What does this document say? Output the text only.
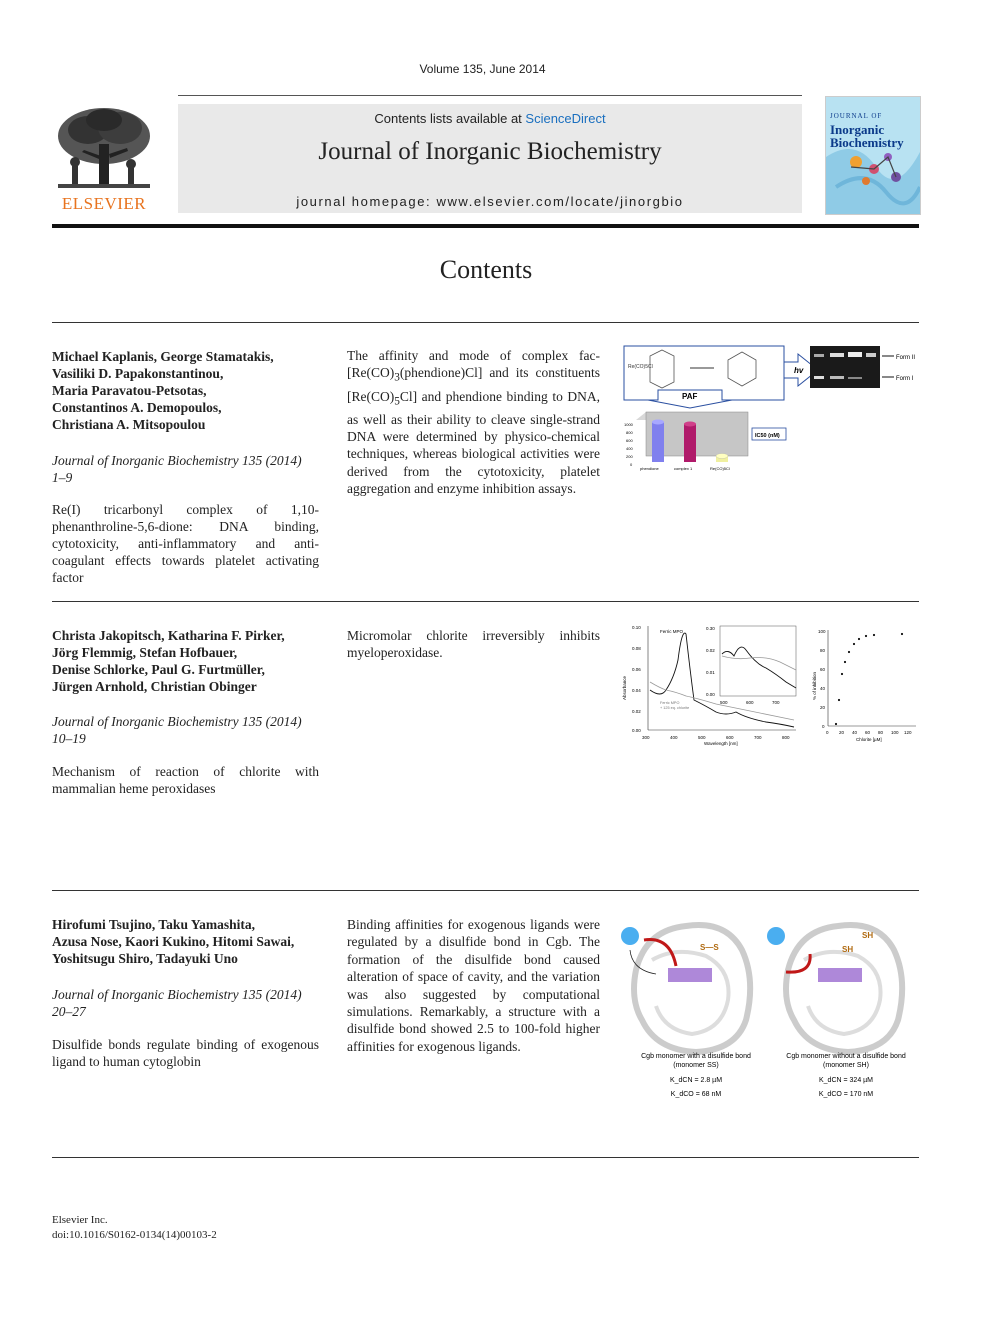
Volume 135, June 2014
ELSEVIER
Contents lists available at ScienceDirect
Journal of Inorganic Biochemistry
journal homepage: www.elsevier.com/locate/jinorgbio
JOURNAL OF
Inorganic
Biochemistry
Contents
Michael Kaplanis, George Stamatakis,
Vasiliki D. Papakonstantinou,
Maria Paravatou-Petsotas,
Constantinos A. Demopoulos,
Christiana A. Mitsopoulou
Journal of Inorganic Biochemistry 135 (2014)
1–9
Re(I) tricarbonyl complex of 1,10-phenanthroline-5,6-dione: DNA binding, cytotoxicity, anti-inflammatory and anti-coagulant effects towards platelet activating factor
The affinity and mode of complex fac-$[Re(CO)_3(phendione)Cl]$ and its constituents $[Re(CO)_5Cl]$ and phendione binding to DNA, as well as their ability to cleave single-strand DNA were determined by physico-chemical techniques, whereas biological activities were derived from the cytotoxicity, platelet aggregation and enzyme inhibition assays.
Re(CO)5Cl	hv
Form II
Form I
PAF
1000
800
600
400
200
0
phendione	complex 1	Re(CO)5Cl
IC50 (nM)
Christa Jakopitsch, Katharina F. Pirker,
Jörg Flemmig, Stefan Hofbauer,
Denise Schlorke, Paul G. Furtmüller,
Jürgen Arnhold, Christian Obinger
Journal of Inorganic Biochemistry 135 (2014)
10–19
Mechanism of reaction of chlorite with mammalian heme peroxidases
Micromolar chlorite irreversibly inhibits myeloperoxidase.
0.10
0.08
0.06
0.04
0.02
0.00
300	400	500	600	700	800
Wavelength [nm]
Absorbance
Ferric MPO
Ferric MPO
+ 125 eq. chlorite
0.30
0.02
0.01
0.00
500	600	700
100
80
60
40
20
0
0 20 40 60 80 100 120
Chlorite [µM]
% of inhibition
Hirofumi Tsujino, Taku Yamashita,
Azusa Nose, Kaori Kukino, Hitomi Sawai,
Yoshitsugu Shiro, Tadayuki Uno
Journal of Inorganic Biochemistry 135 (2014)
20–27
Disulfide bonds regulate binding of exogenous ligand to human cytoglobin
Binding affinities for exogenous ligands were regulated by a disulfide bond in Cgb. The formation of the disulfide bond caused alteration of space of cavity, and the variation was also suggested by computational simulations. Remarkably, a structure with a disulfide bond showed 2.5 to 100-fold higher affinities for exogenous ligands.
S—S
SH
SH
Cgb monomer with a disulfide bond
(monomer SS)
K_dCN = 2.8 µM
K_dCO = 68 nM
Cgb monomer without a disulfide bond
(monomer SH)
K_dCN = 324 µM
K_dCO = 170 nM
Elsevier Inc.
doi:10.1016/S0162-0134(14)00103-2
